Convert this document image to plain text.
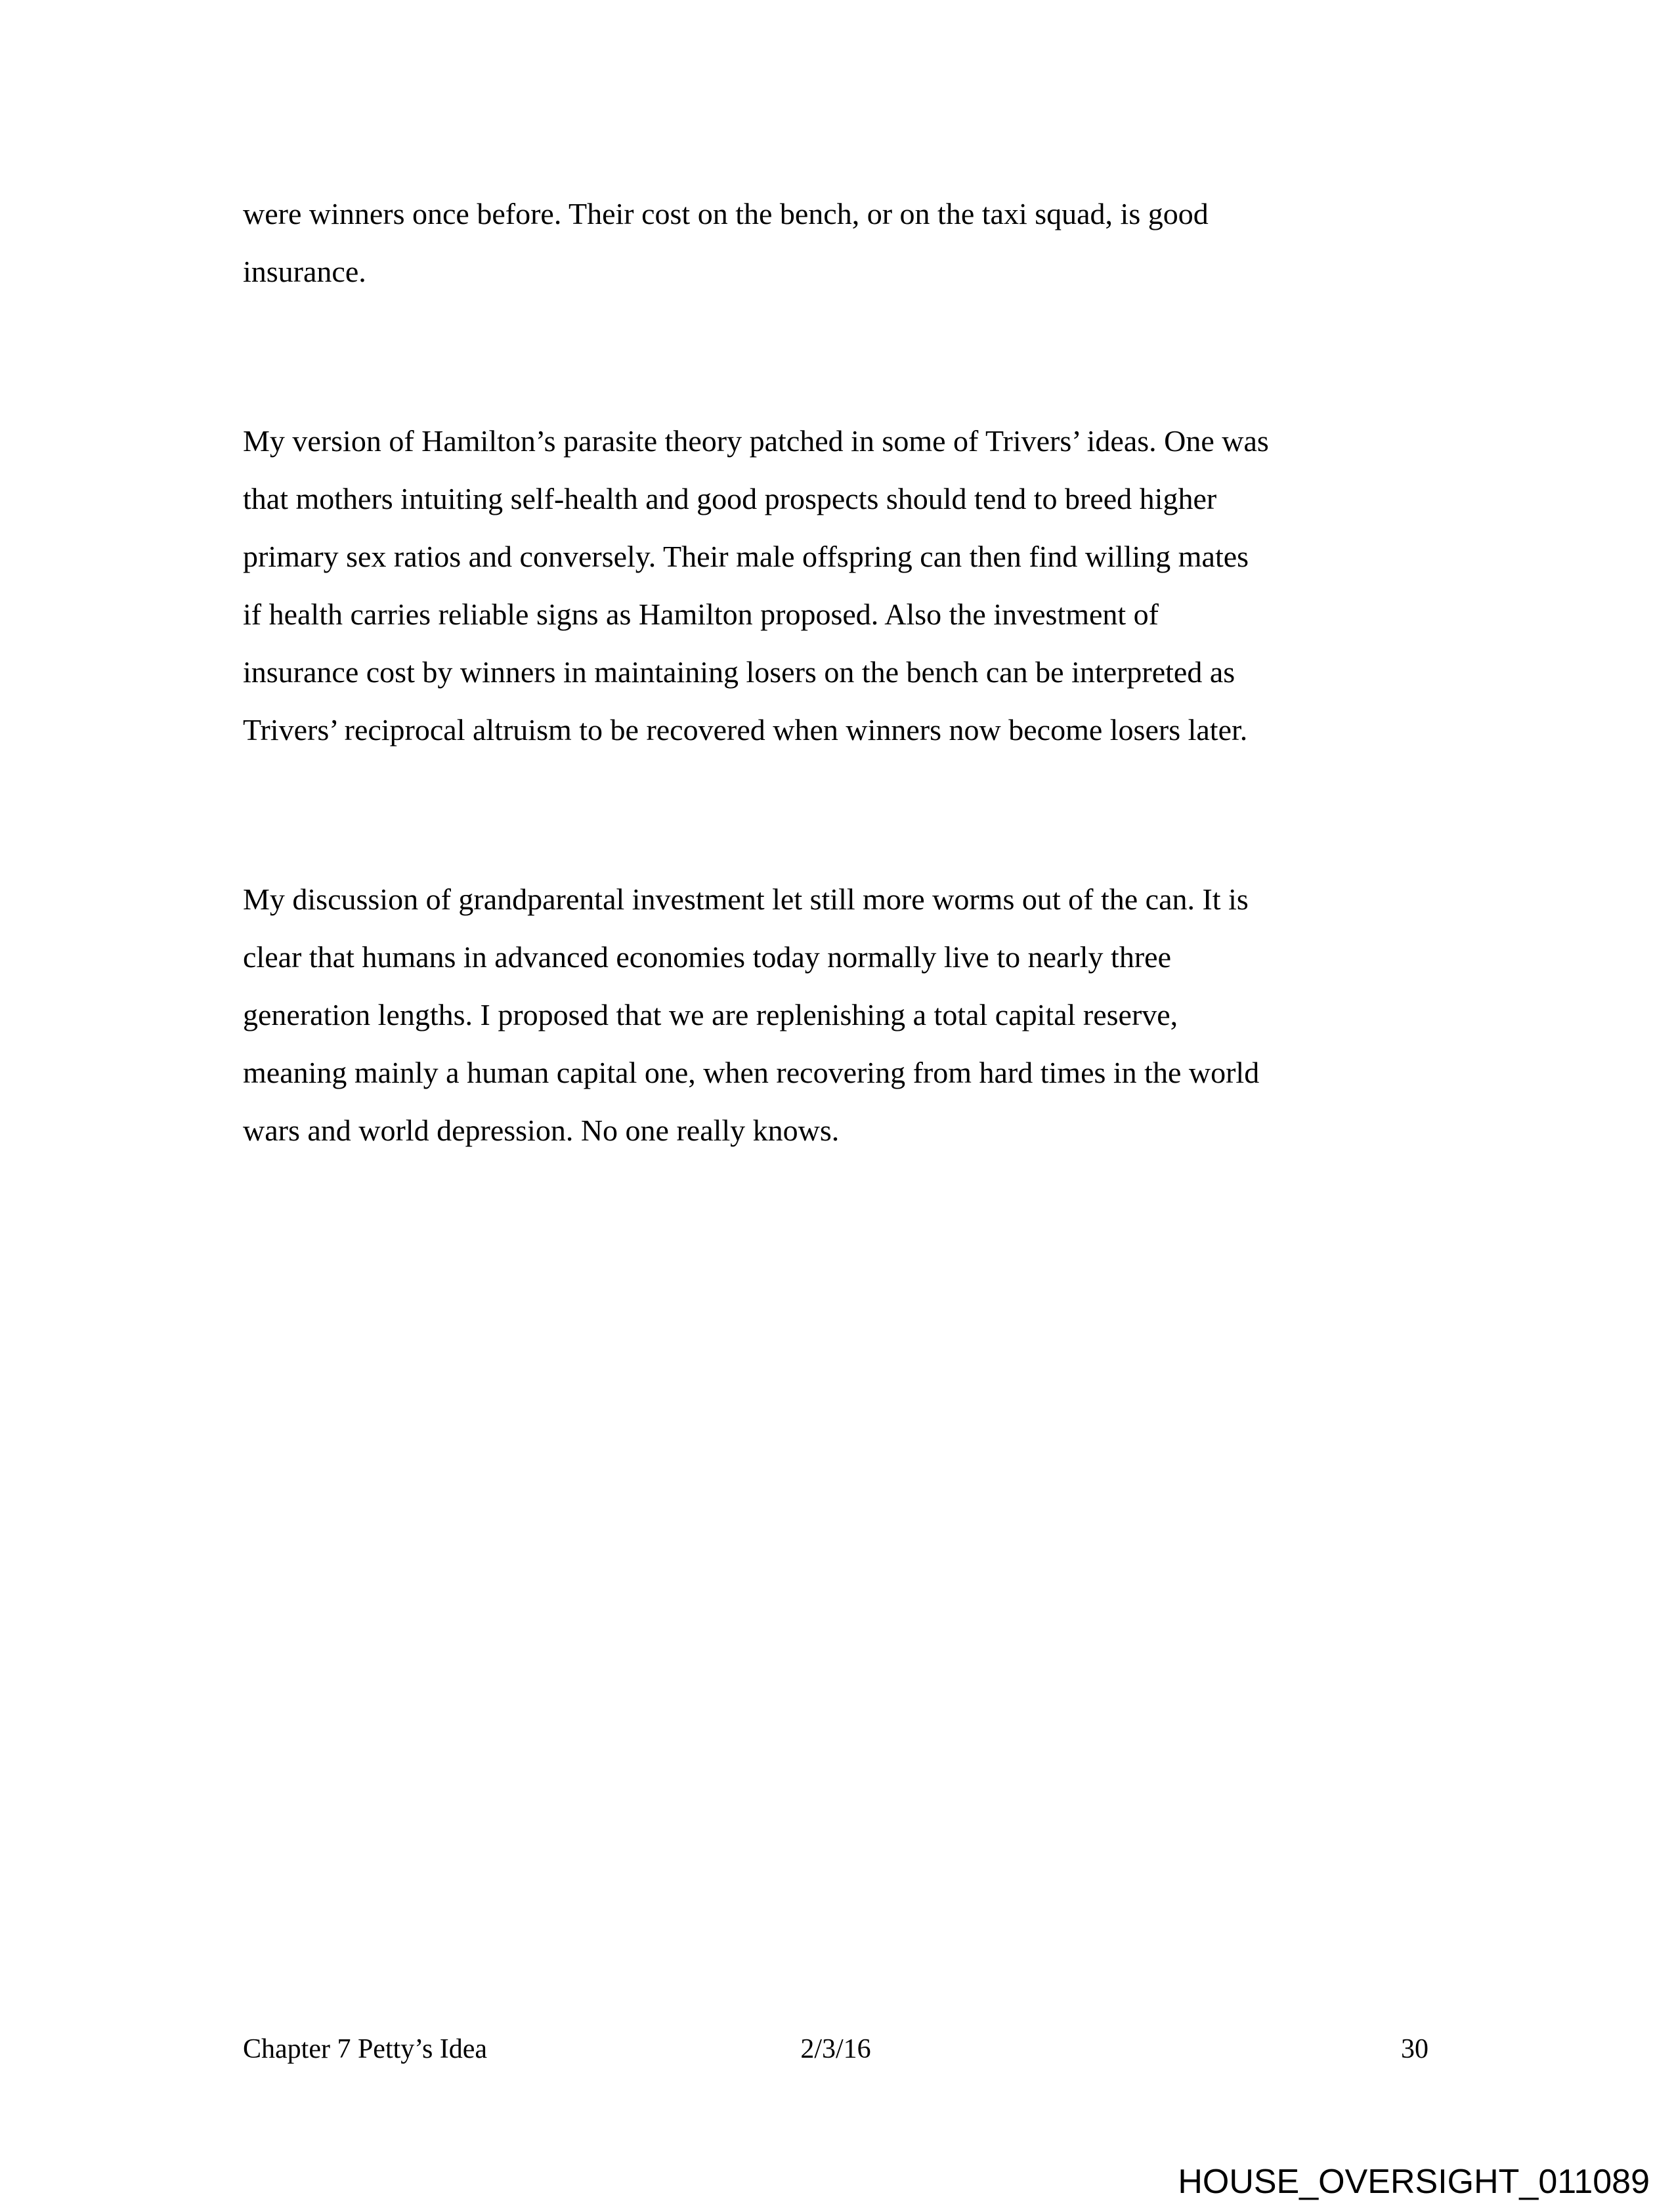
were winners once before. Their cost on the bench, or on the taxi squad, is good
insurance.
My version of Hamilton’s parasite theory patched in some of Trivers’ ideas. One was
that mothers intuiting self-health and good prospects should tend to breed higher
primary sex ratios and conversely. Their male offspring can then find willing mates
if health carries reliable signs as Hamilton proposed. Also the investment of
insurance cost by winners in maintaining losers on the bench can be interpreted as
Trivers’ reciprocal altruism to be recovered when winners now become losers later.
My discussion of grandparental investment let still more worms out of the can. It is
clear that humans in advanced economies today normally live to nearly three
generation lengths. I proposed that we are replenishing a total capital reserve,
meaning mainly a human capital one, when recovering from hard times in the world
wars and world depression. No one really knows.
Chapter 7 Petty’s Idea	2/3/16	30
HOUSE_OVERSIGHT_011089
